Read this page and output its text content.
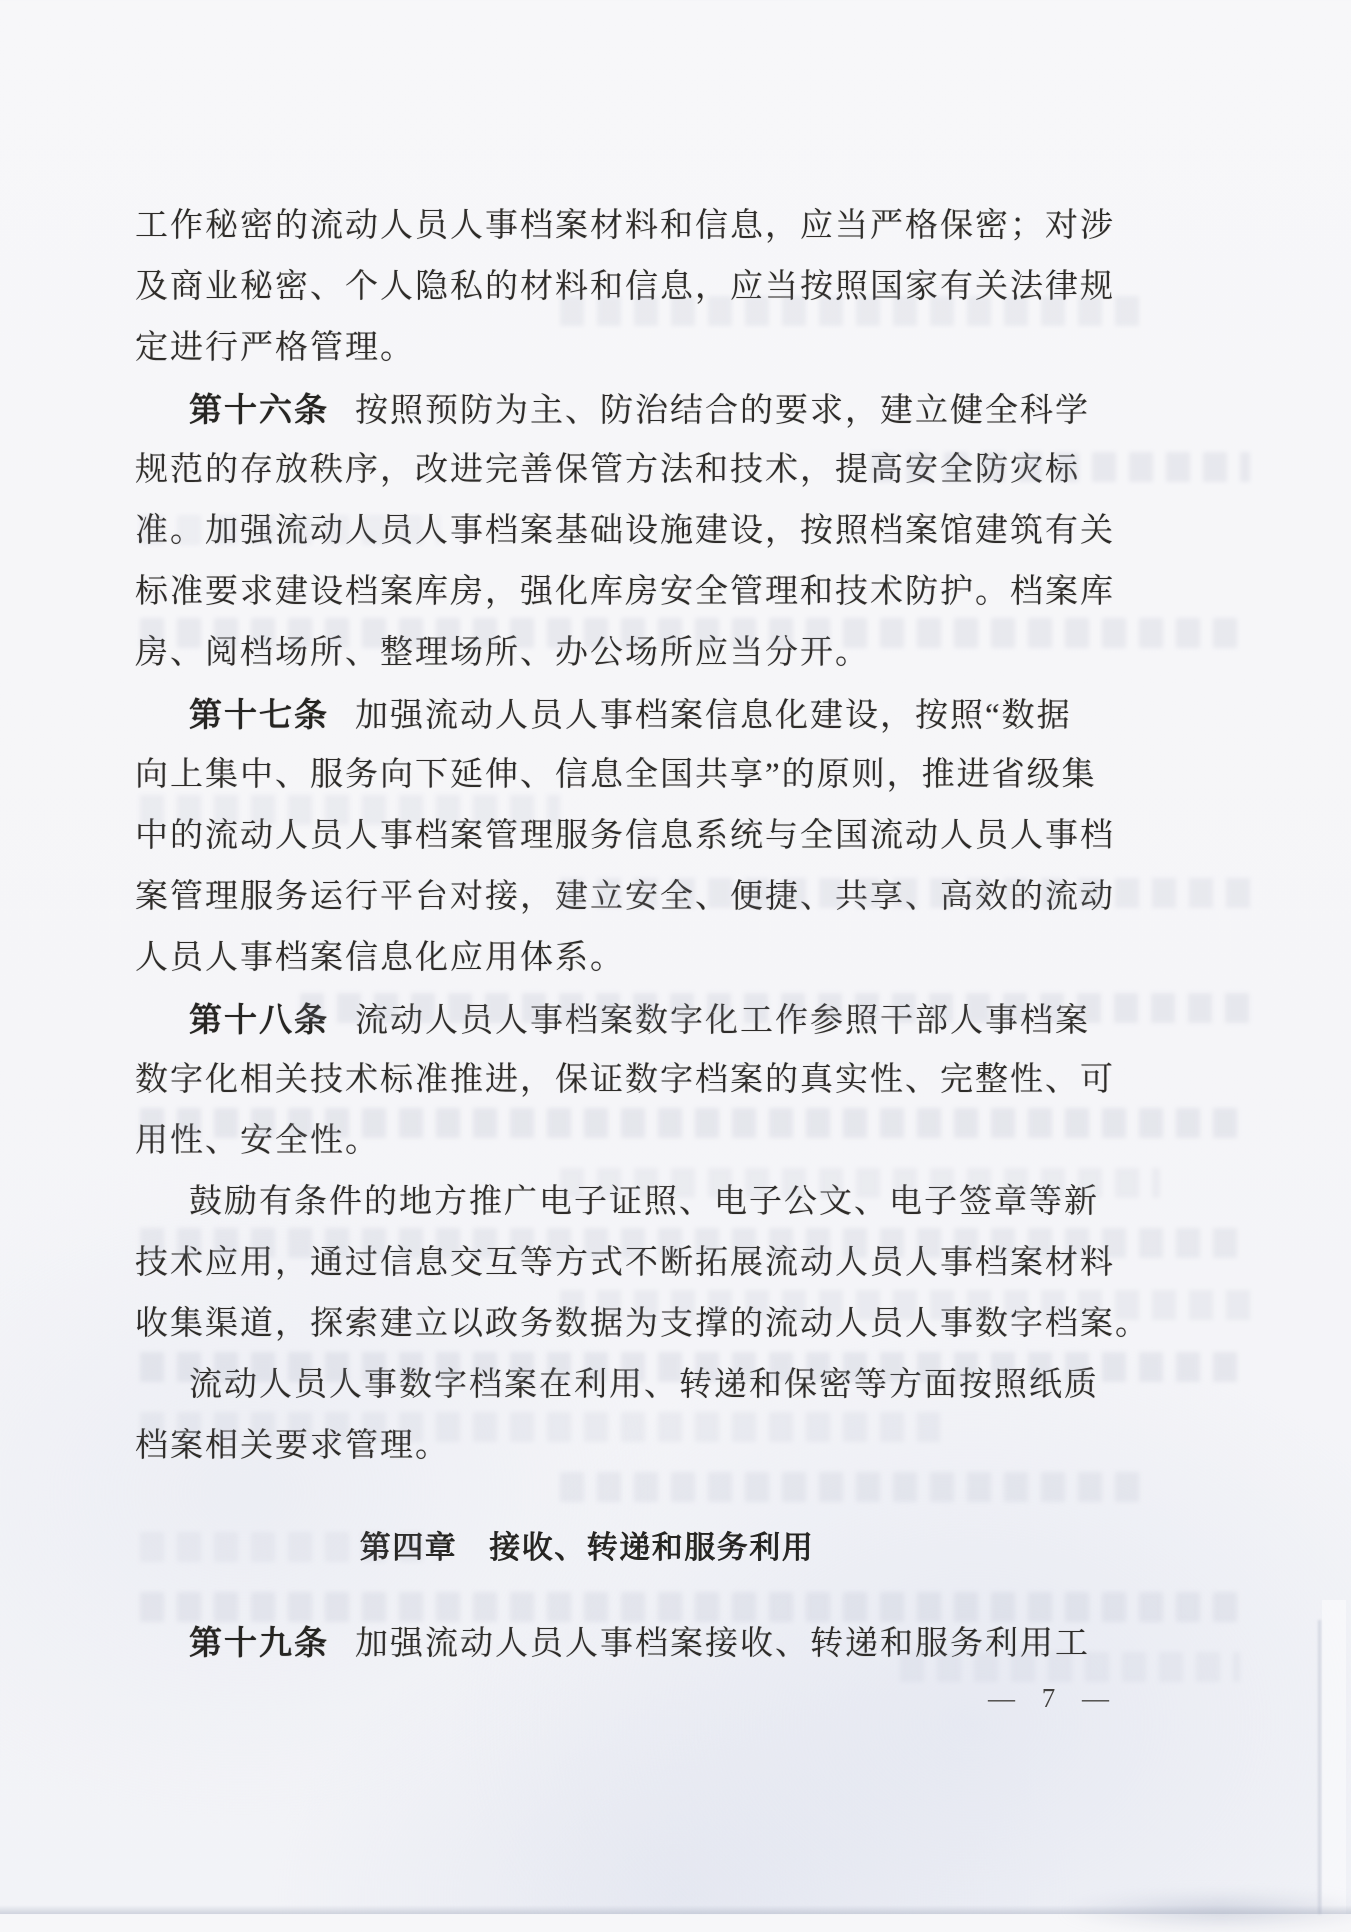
工作秘密的流动人员人事档案材料和信息，应当严格保密；对涉
及商业秘密、个人隐私的材料和信息，应当按照国家有关法律规
定进行严格管理。
第十六条 按照预防为主、防治结合的要求，建立健全科学
规范的存放秩序，改进完善保管方法和技术，提高安全防灾标
准。加强流动人员人事档案基础设施建设，按照档案馆建筑有关
标准要求建设档案库房，强化库房安全管理和技术防护。档案库
房、阅档场所、整理场所、办公场所应当分开。
第十七条 加强流动人员人事档案信息化建设，按照“数据
向上集中、服务向下延伸、信息全国共享”的原则，推进省级集
中的流动人员人事档案管理服务信息系统与全国流动人员人事档
案管理服务运行平台对接，建立安全、便捷、共享、高效的流动
人员人事档案信息化应用体系。
第十八条 流动人员人事档案数字化工作参照干部人事档案
数字化相关技术标准推进，保证数字档案的真实性、完整性、可
用性、安全性。
鼓励有条件的地方推广电子证照、电子公文、电子签章等新
技术应用，通过信息交互等方式不断拓展流动人员人事档案材料
收集渠道，探索建立以政务数据为支撑的流动人员人事数字档案。
流动人员人事数字档案在利用、转递和保密等方面按照纸质
档案相关要求管理。
第四章 接收、转递和服务利用
第十九条 加强流动人员人事档案接收、转递和服务利用工
— 7 —
